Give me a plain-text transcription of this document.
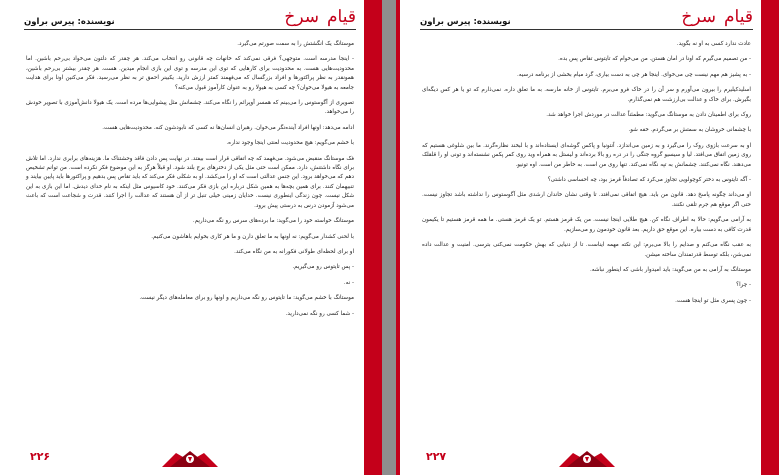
قیام
سرخ
نویسنده: پیرس براون

موستانگ یک انگشتش را به سمت صورتم می‌گیرد.

- اینجا مدرسه است. متوجهی؟ فرقی نمی‌کند که خانهات چه قانونی رو انتخاب می‌کند. هر چقدر که دلتون می‌خواد بی‌رحم باشین. اما محدودیت‌هایی هست. به محدودیت برای کارهایی که توی این مدرسه و توی این بازی انجام میدین. هست. هر چقدر بیشتر بی‌رحم باشین، همونقدر به نظر پراکتورها و افراد بزرگسال که می‌فهمند کمتر ارزش دارید. یکبینر احمق تر به نظر می‌رسید. فکر می‌کنین اونا برای هدایت جامعه به هیولا می‌خوان؟ چه کسی به هیولا رو به عنوان کارآموز قبول می‌کنه؟

تصویری از آگوستوس را می‌بینم که همسر آوپرائم را نگاه می‌کند. چشمانش مثل پیشوایی‌ها مرده است. یک هیولا دانش‌آموزی با تصویر خودش را می‌خواهد.

ادامه می‌دهد: اونها افراد آینده‌نگر می‌خوان. رهبران انسان‌ها نه کسی که نابودشون کنه. محدودیت‌هایی هست.

با خشم می‌گویم: هیچ محدودیت لعنتی اینجا وجود نداره.

فک موستانگ منقبض می‌شود. می‌فهمد که چه اتفاقی قرار است بیفتد. در نهایت پس دادن فاقد وحشتناک ما. هزینه‌های برابری ندارد. اما تلاش برای نگاه داشتنش، دارد. ممکن است حتی مثل یکی از دخترهای برج بلند شود. او قبلاً هرگز به این موضوع فکر نکرده است. من توانم تشخیص دهم که می‌خواهد برود. این جنس عدالتی است که او را می‌کشد. او به شکلی فکر می‌کند که باید تقاص پس بدهیم و پراکتورها باید پایین بیایند و تنبیهمان کنند. برای همین بچه‌ها به همین شکل درباره این بازی فکر می‌کنند. خود کاسیوس مثل اینکه به نام خدای دیدش. اما این بازی به این شکل نیست. چون زندگی اینطوری نیست. خدایان زمینی خیلی تنبل تر از آن هستند که عدالت را اجرا کنند. قدرت و شجاعت است که باعث می‌شود آزمودن درس به درستی پیش برود.

موستانگ خواسته خود را می‌گوید: ما برده‌های سرس رو نگه می‌داریم.

با لحنی کشدار می‌گویم: نه اونها به ما تعلق دارن و ما هر کاری بخوایم باهاشون می‌کنیم.

او برای لحظه‌ای طولانی فکورانه به من نگاه می‌کند.

- پس تایتوس رو می‌گیریم.

- نه.

موستانگ با خشم می‌گوید: ما تایتوس رو نگه می‌داریم و اونها رو برای معامله‌های دیگر نیست.

- شما کسی رو نگه نمی‌دارید.

۲۲۶
قیام
سرخ
نویسنده: پیرس براون

عادت ندارد کسی به او نه بگوید.

- من تصمیم می‌گیرم که اونا در امان هستن. من می‌خوام که تایتوس تقاص پس بده.

- به پشیز هم مهم نیست چی می‌خوای. اینجا هر چی به دست بیاری، گرد میام بخشی از برنامه درسیه.

اسلیدکیلیرم را بیرون می‌آورم و سر آن را در خاک فرو می‌برم. تایتوس از خانه مارسه. به ما تعلق داره. نمی‌ذارم که تو یا هر کس دیگه‌ای بگیرش. برای خاک و عدالت بی‌ارزشت هم نمی‌گذارم.

روک برای اطمینان دادن به موستانگ می‌گوید: مطمئناً عدالت در موردش اجرا خواهد شد.

با چشمانی خروشان به سمتش بر می‌گردم. خفه شو.

او به سرعت بازوی روک را می‌گیرد و به زمین می‌اندازد. آنتونیا و پاکس گوشه‌ای ایستاده‌اند و با لبخند نظاره‌گرند. ما بین شلوغی هستیم که روی زمین اتفاق می‌افتد. لیا و سیسیو گروه جنگی را در دره رو بالا برده‌اند و لیستل به همراه وید روی کمر پکس نشسته‌اند و تونی او را قلقلک می‌دهند. نگاه نمی‌کنند. چشمانش به تپه نگاه نمی‌کند. تنها روی من است. به خاطر من است. اوه تونیو.

- آگه تایتوس به دختر کوچولویی تجاوز می‌کرد که تصادفاً قرمز بود، چه احساسی داشتی؟

او می‌داند چگونه پاسخ دهد. قانون من باید. هیچ اتفاقی نمی‌افتد. تا وقتی نشان خاندان ارشدی مثل آگوستوس را نداشته باشد تجاوز نیست. حتی اگر موقع هم جرم تلقی نکنند.

به آرامی می‌گویم: حالا به اطراف نگاه کن. هیچ طلایی اینجا نیست. من یک قرمز هستم. تو یک قرمز هستی. ما همه قرمز هستیم تا یکیمون قدرت کافی به دست بیاره. این موقع حق داریم. بعد قانون خودمون رو می‌سازیم.

به عقب نگاه می‌کنم و صدایم را بالا می‌برم: این نکته مهمه ایناست. تا از دنیایی که بهش حکومت نمی‌کنی بترسی. امنیت و عدالت داده نمی‌شن، بلکه توسط قدرتمندان ساخته میشن.

موستانگ به آرامی به من می‌گوید: باید امیدوار باشی که اینطور نباشه.

- چرا؟

- چون پسری مثل تو اینجا هست.

۲۲۷
